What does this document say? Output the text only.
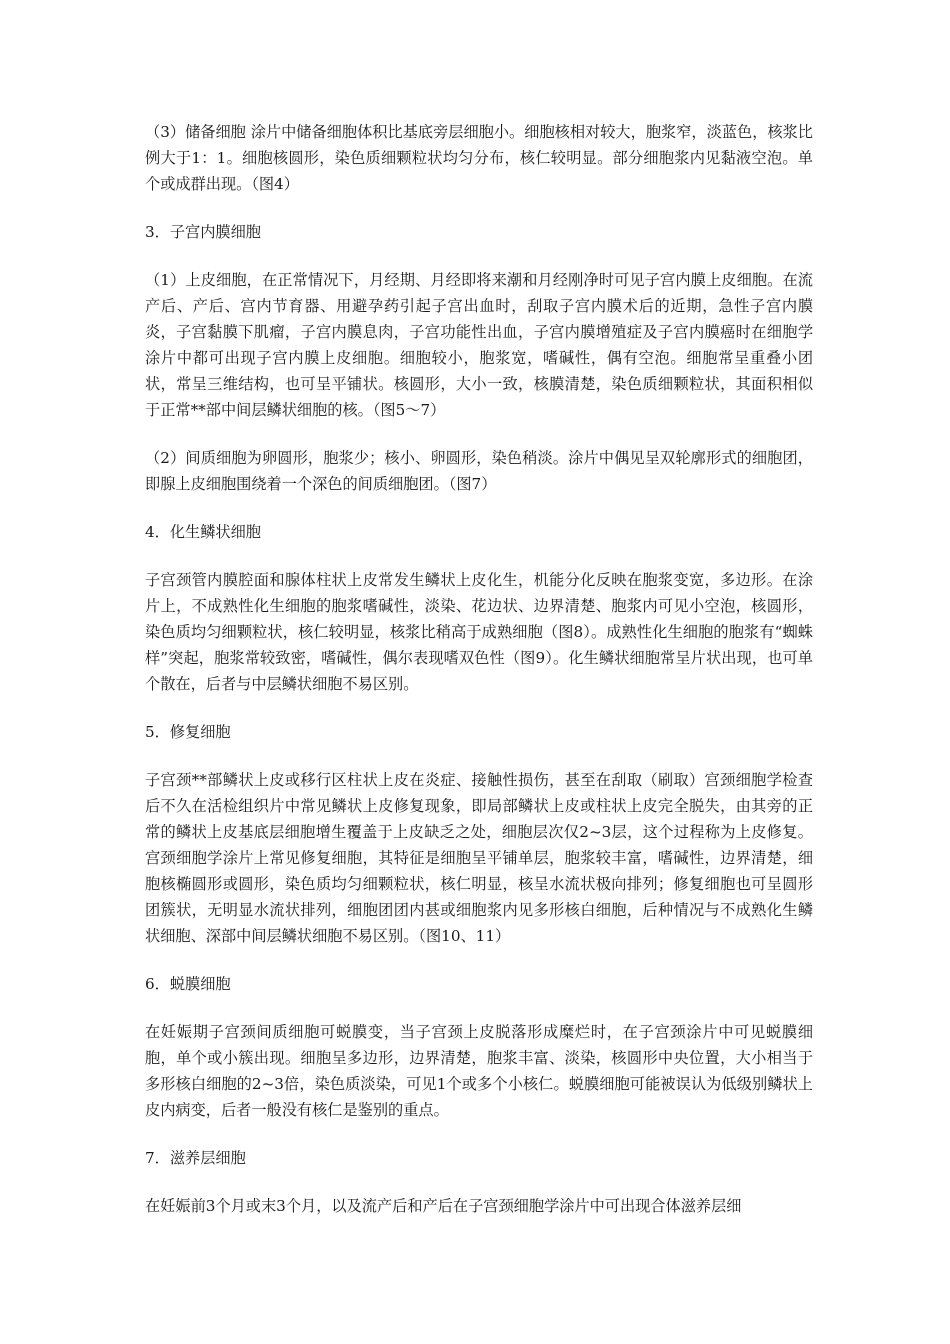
（3）储备细胞 涂片中储备细胞体积比基底旁层细胞小。细胞核相对较大，胞浆窄，淡蓝色，核浆比例大于1：1。细胞核圆形，染色质细颗粒状均匀分布，核仁较明显。部分细胞浆内见黏液空泡。单个或成群出现。（图4）

3．子宫内膜细胞

（1）上皮细胞，在正常情况下，月经期、月经即将来潮和月经刚净时可见子宫内膜上皮细胞。在流产后、产后、宫内节育器、用避孕药引起子宫出血时，刮取子宫内膜术后的近期，急性子宫内膜炎，子宫黏膜下肌瘤，子宫内膜息肉，子宫功能性出血，子宫内膜增殖症及子宫内膜癌时在细胞学涂片中都可出现子宫内膜上皮细胞。细胞较小，胞浆宽，嗜碱性，偶有空泡。细胞常呈重叠小团状，常呈三维结构，也可呈平铺状。核圆形，大小一致，核膜清楚，染色质细颗粒状，其面积相似于正常**部中间层鳞状细胞的核。（图5～7）

（2）间质细胞为卵圆形，胞浆少；核小、卵圆形，染色稍淡。涂片中偶见呈双轮廓形式的细胞团，即腺上皮细胞围绕着一个深色的间质细胞团。（图7）

4．化生鳞状细胞

子宫颈管内膜腔面和腺体柱状上皮常发生鳞状上皮化生，机能分化反映在胞浆变宽，多边形。在涂片上，不成熟性化生细胞的胞浆嗜碱性，淡染、花边状、边界清楚、胞浆内可见小空泡，核圆形，染色质均匀细颗粒状，核仁较明显，核浆比稍高于成熟细胞（图8）。成熟性化生细胞的胞浆有“蜘蛛样”突起，胞浆常较致密，嗜碱性，偶尔表现嗜双色性（图9）。化生鳞状细胞常呈片状出现，也可单个散在，后者与中层鳞状细胞不易区别。

5．修复细胞

子宫颈**部鳞状上皮或移行区柱状上皮在炎症、接触性损伤，甚至在刮取（刷取）宫颈细胞学检查后不久在活检组织片中常见鳞状上皮修复现象，即局部鳞状上皮或柱状上皮完全脱失，由其旁的正常的鳞状上皮基底层细胞增生覆盖于上皮缺乏之处，细胞层次仅2~3层，这个过程称为上皮修复。宫颈细胞学涂片上常见修复细胞，其特征是细胞呈平铺单层，胞浆较丰富，嗜碱性，边界清楚，细胞核椭圆形或圆形，染色质均匀细颗粒状，核仁明显，核呈水流状极向排列；修复细胞也可呈圆形团簇状，无明显水流状排列，细胞团团内甚或细胞浆内见多形核白细胞，后种情况与不成熟化生鳞状细胞、深部中间层鳞状细胞不易区别。（图10、11）

6．蜕膜细胞

在妊娠期子宫颈间质细胞可蜕膜变，当子宫颈上皮脱落形成糜烂时，在子宫颈涂片中可见蜕膜细胞，单个或小簇出现。细胞呈多边形，边界清楚，胞浆丰富、淡染，核圆形中央位置，大小相当于多形核白细胞的2~3倍，染色质淡染，可见1个或多个小核仁。蜕膜细胞可能被误认为低级别鳞状上皮内病变，后者一般没有核仁是鉴别的重点。

7．滋养层细胞

在妊娠前3个月或末3个月，以及流产后和产后在子宫颈细胞学涂片中可出现合体滋养层细
